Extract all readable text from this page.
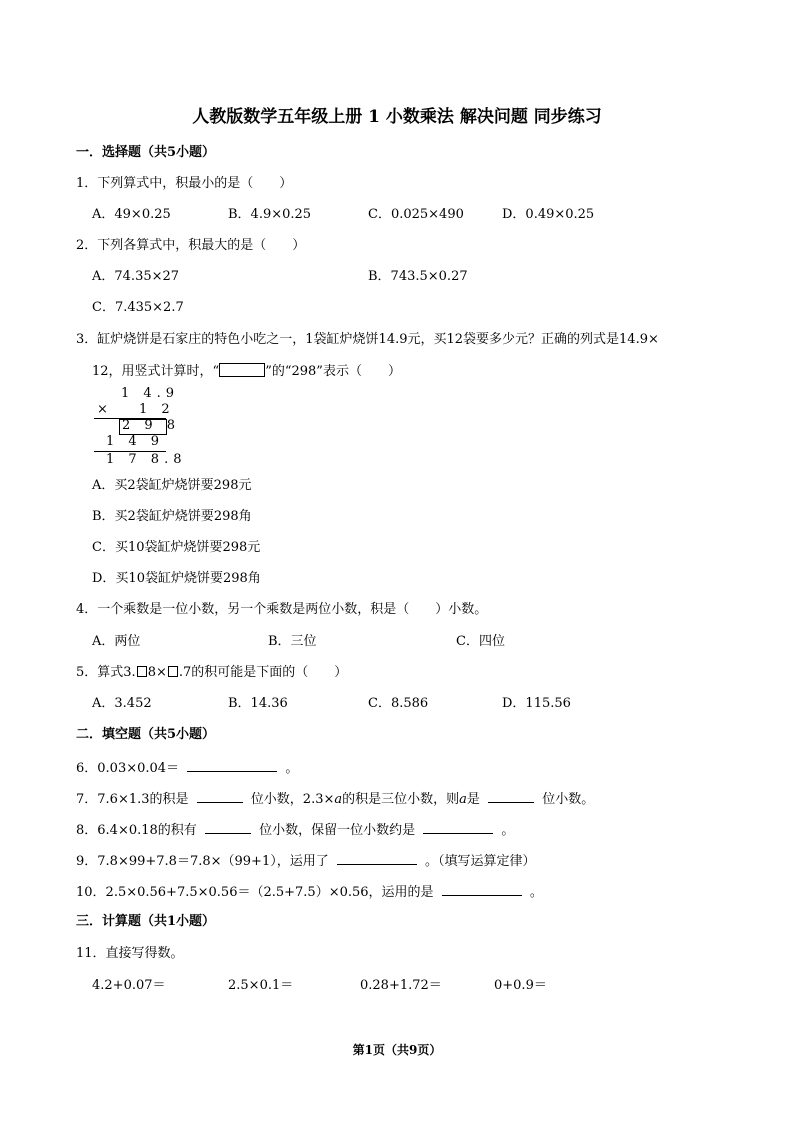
人教版数学五年级上册 1 小数乘法 解决问题 同步练习
一．选择题（共5小题）
1．下列算式中，积最小的是（　　）
A．49×0.25	B．4.9×0.25	C．0.025×490	D．0.49×0.25
2．下列各算式中，积最大的是（　　）
A．74.35×27	B．743.5×0.27
C．7.435×2.7
3．缸炉烧饼是石家庄的特色小吃之一，1袋缸炉烧饼14.9元，买12袋要多少元？正确的列式是14.9×
12，用竖式计算时，“	”的“298”表示（　　）
1 4.9
× 1 2
2 9 8
1 4 9
1 7 8.8
A．买2袋缸炉烧饼要298元
B．买2袋缸炉烧饼要298角
C．买10袋缸炉烧饼要298元
D．买10袋缸炉烧饼要298角
4．一个乘数是一位小数，另一个乘数是两位小数，积是（　　）小数。
A．两位	B．三位	C．四位
5．算式3. 8× .7的积可能是下面的（　　）
A．3.452	B．14.36	C．8.586	D．115.56
二．填空题（共5小题）
6．0.03×0.04＝	。
7．7.6×1.3的积是	位小数，2.3×a的积是三位小数，则a是	位小数。
8．6.4×0.18的积有	位小数，保留一位小数约是	。
9．7.8×99+7.8＝7.8×（99+1），运用了	。（填写运算定律）
10．2.5×0.56+7.5×0.56＝（2.5+7.5）×0.56，运用的是	。
三．计算题（共1小题）
11．直接写得数。
4.2+0.07＝	2.5×0.1＝	0.28+1.72＝	0+0.9＝
第1页（共9页）
